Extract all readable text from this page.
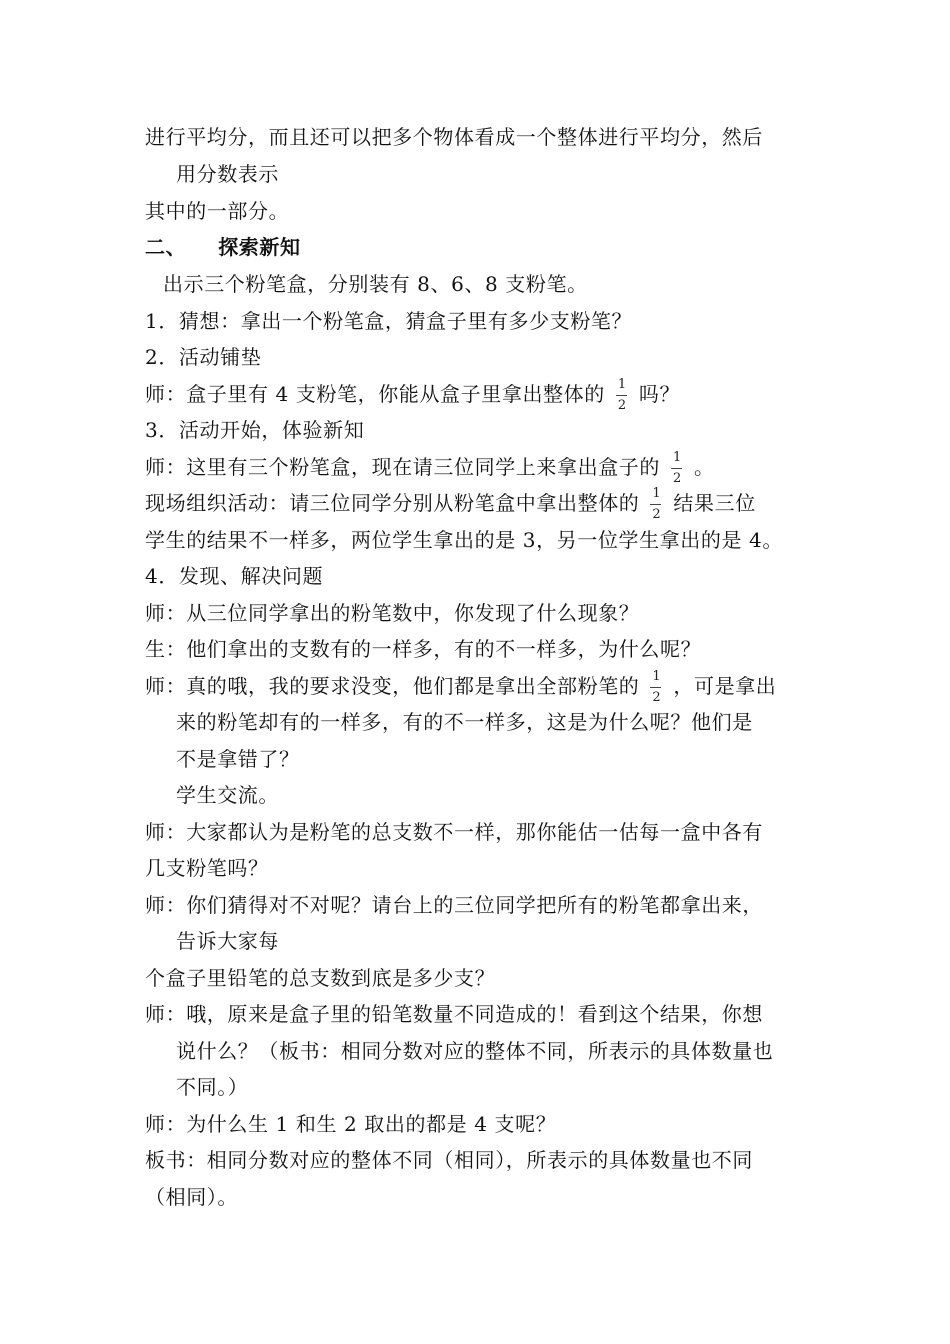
进行平均分，而且还可以把多个物体看成一个整体进行平均分，然后
用分数表示
其中的一部分。
二、 探索新知
出示三个粉笔盒，分别装有 8、6、8 支粉笔。
1．猜想：拿出一个粉笔盒，猜盒子里有多少支粉笔？
2．活动铺垫
师：盒子里有 4 支粉笔，你能从盒子里拿出整体的 $\frac{1}{2}$ 吗？
3．活动开始，体验新知
师：这里有三个粉笔盒，现在请三位同学上来拿出盒子的 $\frac{1}{2}$ 。
现场组织活动：请三位同学分别从粉笔盒中拿出整体的 $\frac{1}{2}$ 结果三位
学生的结果不一样多，两位学生拿出的是 3，另一位学生拿出的是 4。
4．发现、解决问题
师：从三位同学拿出的粉笔数中，你发现了什么现象？
生：他们拿出的支数有的一样多，有的不一样多，为什么呢？
师：真的哦，我的要求没变，他们都是拿出全部粉笔的 $\frac{1}{2}$ ，可是拿出
来的粉笔却有的一样多，有的不一样多，这是为什么呢？他们是
不是拿错了？
学生交流。
师：大家都认为是粉笔的总支数不一样，那你能估一估每一盒中各有
几支粉笔吗？
师：你们猜得对不对呢？请台上的三位同学把所有的粉笔都拿出来，
告诉大家每
个盒子里铅笔的总支数到底是多少支？
师：哦，原来是盒子里的铅笔数量不同造成的！看到这个结果，你想
说什么？（板书：相同分数对应的整体不同，所表示的具体数量也
不同。）
师：为什么生 1 和生 2 取出的都是 4 支呢？
板书：相同分数对应的整体不同（相同），所表示的具体数量也不同
（相同）。
